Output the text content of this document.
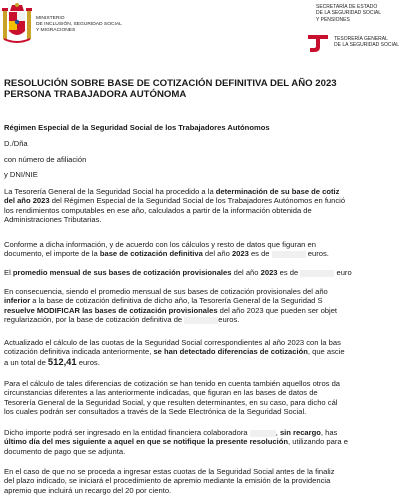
MINISTERIO
DE INCLUSIÓN, SEGURIDAD SOCIAL
Y MIGRACIONES
SECRETARÍA DE ESTADO
DE LA SEGURIDAD SOCIAL
Y PENSIONES
TESORERÍA GENERAL
DE LA SEGURIDAD SOCIAL
RESOLUCIÓN SOBRE BASE DE COTIZACIÓN DEFINITIVA DEL AÑO 2023
PERSONA TRABAJADORA AUTÓNOMA
Régimen Especial de la Seguridad Social de los Trabajadores Autónomos
D./Dña
con número de afiliación
y DNI/NIE
La Tesorería General de la Seguridad Social ha procedido a la determinación de su base de cotiz
del año 2023 del Régimen Especial de la Seguridad Social de los Trabajadores Autónomos en funció
los rendimientos computables en ese año, calculados a partir de la información obtenida de
Administraciones Tributarias.
Conforme a dicha información, y de acuerdo con los cálculos y resto de datos que figuran en
documento, el importe de la base de cotización definitiva del año 2023 es de	euros.
El promedio mensual de sus bases de cotización provisionales del año 2023 es de	euro
En consecuencia, siendo el promedio mensual de sus bases de cotización provisionales del año
inferior a la base de cotización definitiva de dicho año, la Tesorería General de la Seguridad S
resuelve MODIFICAR las bases de cotización provisionales del año 2023 que pueden ser objet
regularización, por la base de cotización definitiva de	euros.
Actualizado el cálculo de las cuotas de la Seguridad Social correspondientes al año 2023 con la bas
cotización definitiva indicada anteriormente, se han detectado diferencias de cotización, que ascie
a un total de 512,41 euros.
Para el cálculo de tales diferencias de cotización se han tenido en cuenta también aquellos otros da
circunstancias diferentes a las anteriormente indicadas, que figuran en las bases de datos de
Tesorería General de la Seguridad Social, y que resulten determinantes, en su caso, para dicho cál
los cuales podrán ser consultados a través de la Sede Electrónica de la Seguridad Social.
Dicho importe podrá ser ingresado en la entidad financiera colaboradora	, sin recargo, has
último día del mes siguiente a aquel en que se notifique la presente resolución, utilizando para e
documento de pago que se adjunta.
En el caso de que no se proceda a ingresar estas cuotas de la Seguridad Social antes de la finaliz
del plazo indicado, se iniciará el procedimiento de apremio mediante la emisión de la providencia
apremio que incluirá un recargo del 20 por ciento.
